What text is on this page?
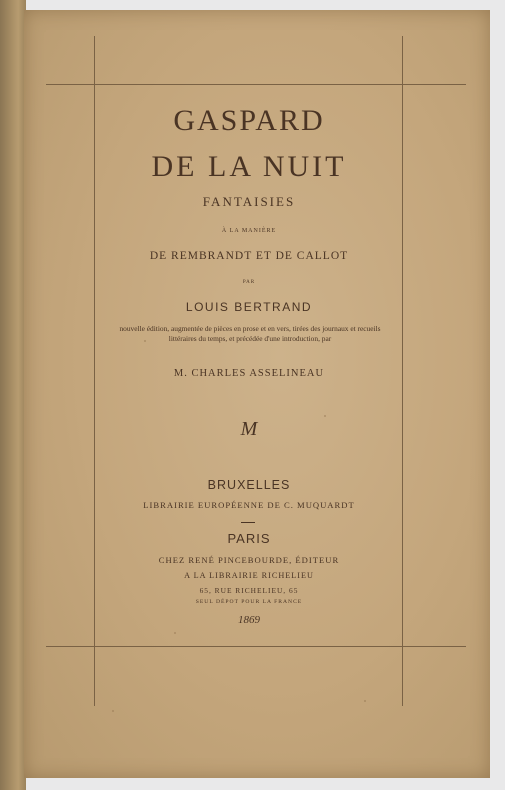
GASPARD
DE LA NUIT
FANTAISIES
À LA MANIÈRE
DE REMBRANDT ET DE CALLOT
PAR
LOUIS BERTRAND
nouvelle édition, augmentée de pièces en prose et en vers, tirées des journaux et recueils littéraires du temps, et précédée d'une introduction, par
M. CHARLES ASSELINEAU
M
BRUXELLES
LIBRAIRIE EUROPÉENNE DE C. MUQUARDT
PARIS
CHEZ RENÉ PINCEBOURDE, ÉDITEUR
A LA LIBRAIRIE RICHELIEU
65, RUE RICHELIEU, 65
SEUL DÉPOT POUR LA FRANCE
1869
